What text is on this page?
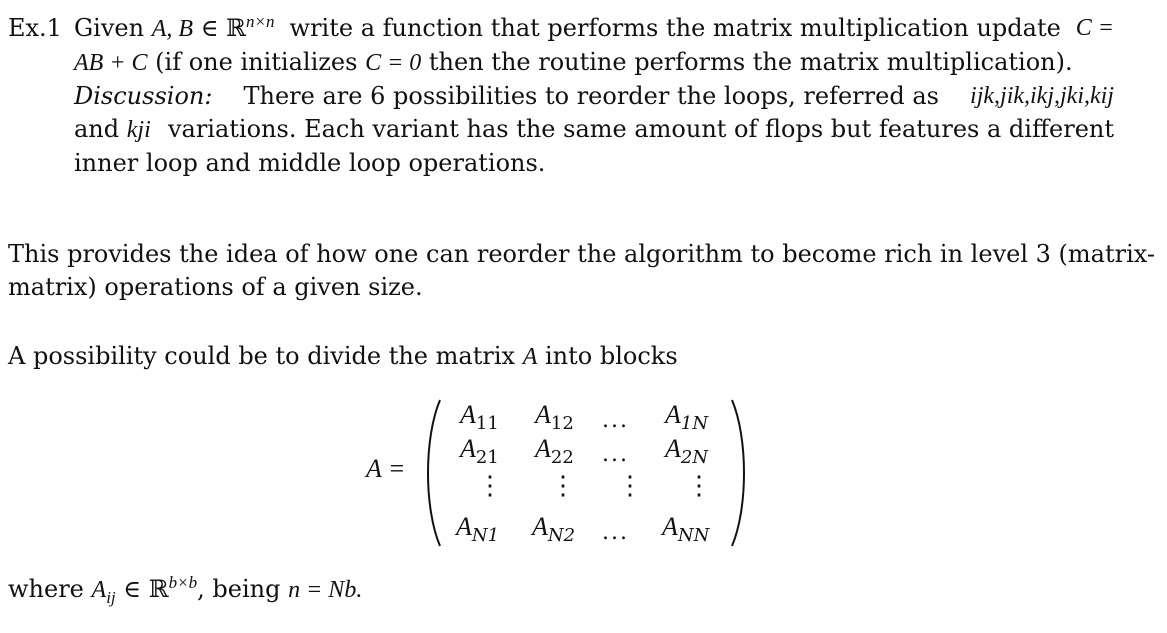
Ex.1 Given A, B ∈ ℝ$^{n\times n}$ write a function that performs the matrix multiplication update C =
AB + C (if one initializes C = 0 then the routine performs the matrix multiplication).
Discussion: There are 6 possibilities to reorder the loops, referred as ijk,jik,ikj,jki,kij
and kji variations. Each variant has the same amount of flops but features a different
inner loop and middle loop operations.
This provides the idea of how one can reorder the algorithm to become rich in level 3 (matrix-
matrix) operations of a given size.
A possibility could be to divide the matrix A into blocks
A =
$A_{11}$ $A_{12}$ ... $A_{1N}$
$A_{21}$ $A_{22}$ ... $A_{2N}$
⋮ ⋮ ⋮ ⋮
$A_{N1}$ $A_{N2}$ ... $A_{NN}$
where $A_{ij}$ ∈ ℝ$^{b\times b}$, being n = Nb.
